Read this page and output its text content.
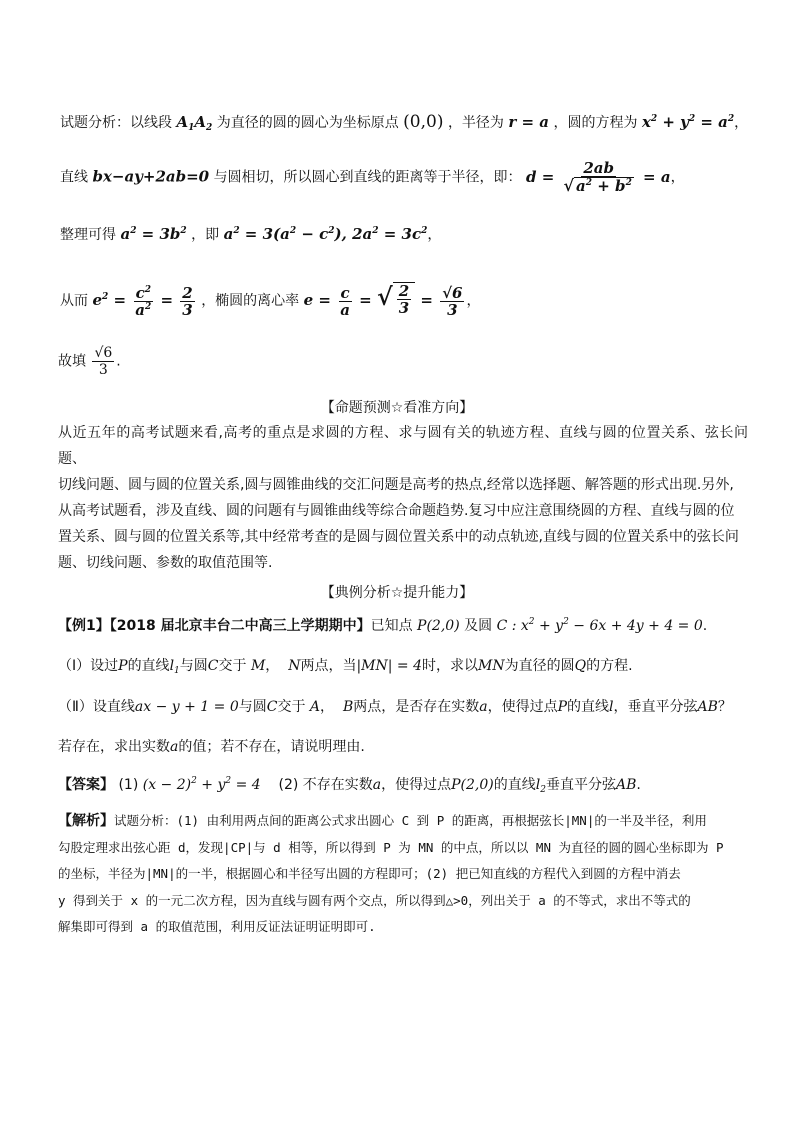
试题分析：以线段 $A_1A_2$ 为直径的圆的圆心为坐标原点 (0,0) ，半径为 r = a ，圆的方程为 $x^2 + y^2 = a^2$，
直线 bx−ay+2ab=0 与圆相切，所以圆心到直线的距离等于半径，即： $d = \frac{2ab}{√ a^2 + b^2} = a$，
整理可得 $a^2 = 3b^2$ ，即 $a^2 = 3(a^2 - c^2)$, $2a^2 = 3c^2$，
从而 $e^2 = \frac{c^2}{a^2} = \frac{2}{3}$ ，椭圆的离心率 $e = \frac{c}{a}$ = √ $\frac{2}{3} = \frac{√6}{3}$ ，
故填 $\frac{√6}{3}$ .
【命题预测☆看准方向】
从近五年的高考试题来看,高考的重点是求圆的方程、求与圆有关的轨迹方程、直线与圆的位置关系、弦长问题、
切线问题、圆与圆的位置关系,圆与圆锥曲线的交汇问题是高考的热点,经常以选择题、解答题的形式出现.另外,
从高考试题看，涉及直线、圆的问题有与圆锥曲线等综合命题趋势.复习中应注意围绕圆的方程、直线与圆的位
置关系、圆与圆的位置关系等,其中经常考查的是圆与圆位置关系中的动点轨迹,直线与圆的位置关系中的弦长问
题、切线问题、参数的取值范围等.
【典例分析☆提升能力】
【例1】【2018 届北京丰台二中高三上学期期中】已知点 P(2,0) 及圆 C : $x^2 + y^2 - 6x + 4y + 4 = 0$.
（Ⅰ）设过P的直线$l_1$与圆C交于 M，  N两点，当|MN| = 4时，求以MN为直径的圆Q的方程.
（Ⅱ）设直线ax − y + 1 = 0与圆C交于 A，  B两点，是否存在实数a，使得过点P的直线l，垂直平分弦AB？
若存在，求出实数a的值；若不存在，请说明理由.
【答案】 (1) $(x - 2)^2 + y^2 = 4$ (2) 不存在实数a，使得过点P(2,0)的直线$l_2$垂直平分弦AB.
【解析】试题分析：(1) 由利用两点间的距离公式求出圆心 C 到 P 的距离，再根据弦长|MN|的一半及半径，利用
勾股定理求出弦心距 d，发现|CP|与 d 相等，所以得到 P 为 MN 的中点，所以以 MN 为直径的圆的圆心坐标即为 P
的坐标，半径为|MN|的一半，根据圆心和半径写出圆的方程即可；(2) 把已知直线的方程代入到圆的方程中消去
y 得到关于 x 的一元二次方程，因为直线与圆有两个交点，所以得到△>0，列出关于 a 的不等式，求出不等式的
解集即可得到 a 的取值范围，利用反证法证明证明即可.
